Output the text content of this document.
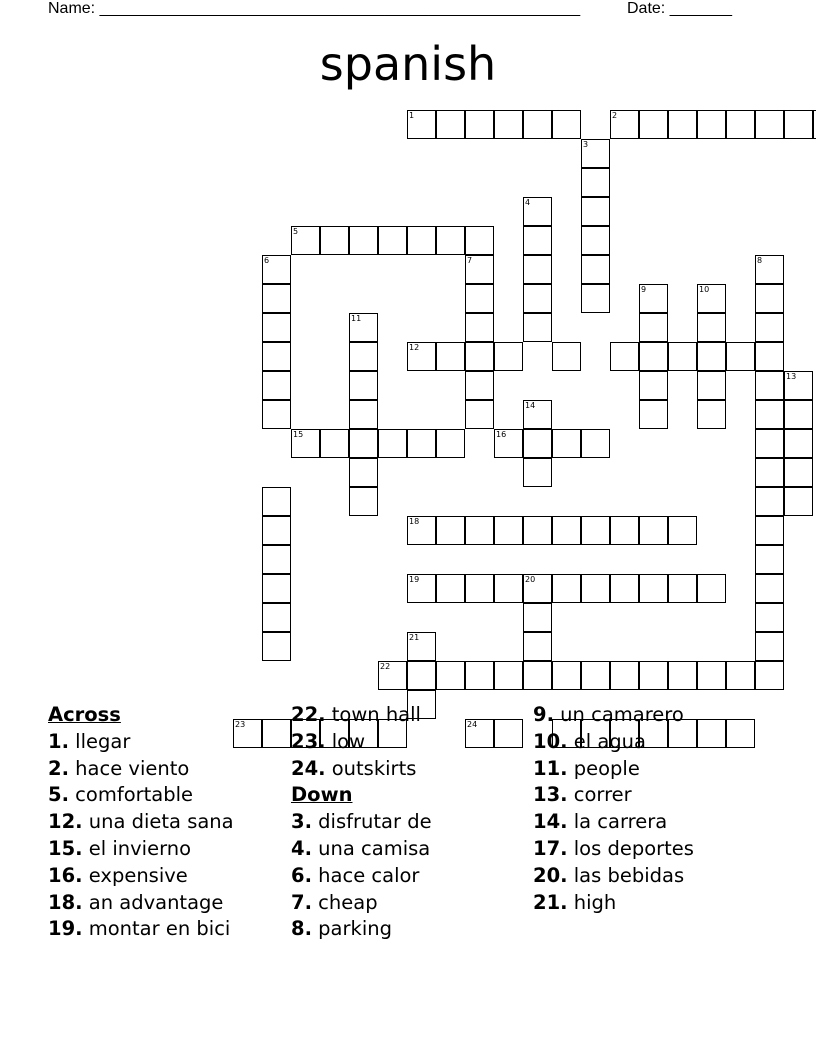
Name: ______________________________________________________	Date: _______
spanish
1	2
3
4
5
6	7	8
9	10
11
12
13
14
15	16
18
19	20
21
22
23	24
Across
1. llegar
2. hace viento
5. comfortable
12. una dieta sana
15. el invierno
16. expensive
18. an advantage
19. montar en bici
22. town hall
23. low
24. outskirts
Down
3. disfrutar de
4. una camisa
6. hace calor
7. cheap
8. parking
9. un camarero
10. el agua
11. people
13. correr
14. la carrera
17. los deportes
20. las bebidas
21. high
